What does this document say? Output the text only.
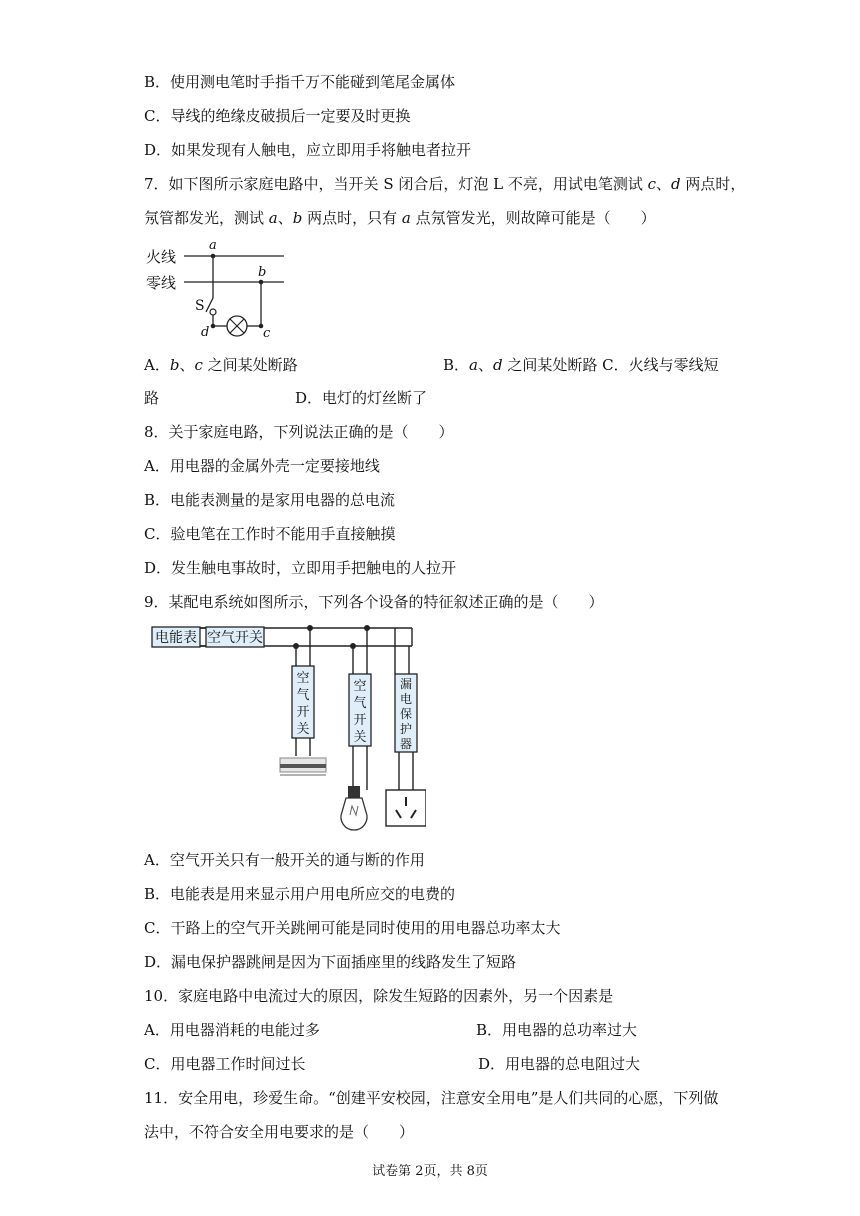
B．使用测电笔时手指千万不能碰到笔尾金属体
C．导线的绝缘皮破损后一定要及时更换
D．如果发现有人触电，应立即用手将触电者拉开
7．如下图所示家庭电路中，当开关 S 闭合后，灯泡 L 不亮，用试电笔测试 c、d 两点时，
氖管都发光，测试 a、b 两点时，只有 a 点氖管发光，则故障可能是（　　）
火线
零线
a
b
S
d	c
A．b、c 之间某处断路	B．a、d 之间某处断路 C．火线与零线短
路	D．电灯的灯丝断了
8．关于家庭电路，下列说法正确的是（　　）
A．用电器的金属外壳一定要接地线
B．电能表测量的是家用电器的总电流
C．验电笔在工作时不能用手直接触摸
D．发生触电事故时，立即用手把触电的人拉开
9．某配电系统如图所示，下列各个设备的特征叙述正确的是（　　）
电能表 空气开关
空
气
开
关
空
气
开
关
漏
电
保
护
器
A．空气开关只有一般开关的通与断的作用
B．电能表是用来显示用户用电所应交的电费的
C．干路上的空气开关跳闸可能是同时使用的用电器总功率太大
D．漏电保护器跳闸是因为下面插座里的线路发生了短路
10．家庭电路中电流过大的原因，除发生短路的因素外，另一个因素是
A．用电器消耗的电能过多	B．用电器的总功率过大
C．用电器工作时间过长	D．用电器的总电阻过大
11．安全用电，珍爱生命。“创建平安校园，注意安全用电”是人们共同的心愿，下列做
法中，不符合安全用电要求的是（　　）
试卷第 2页，共 8页
